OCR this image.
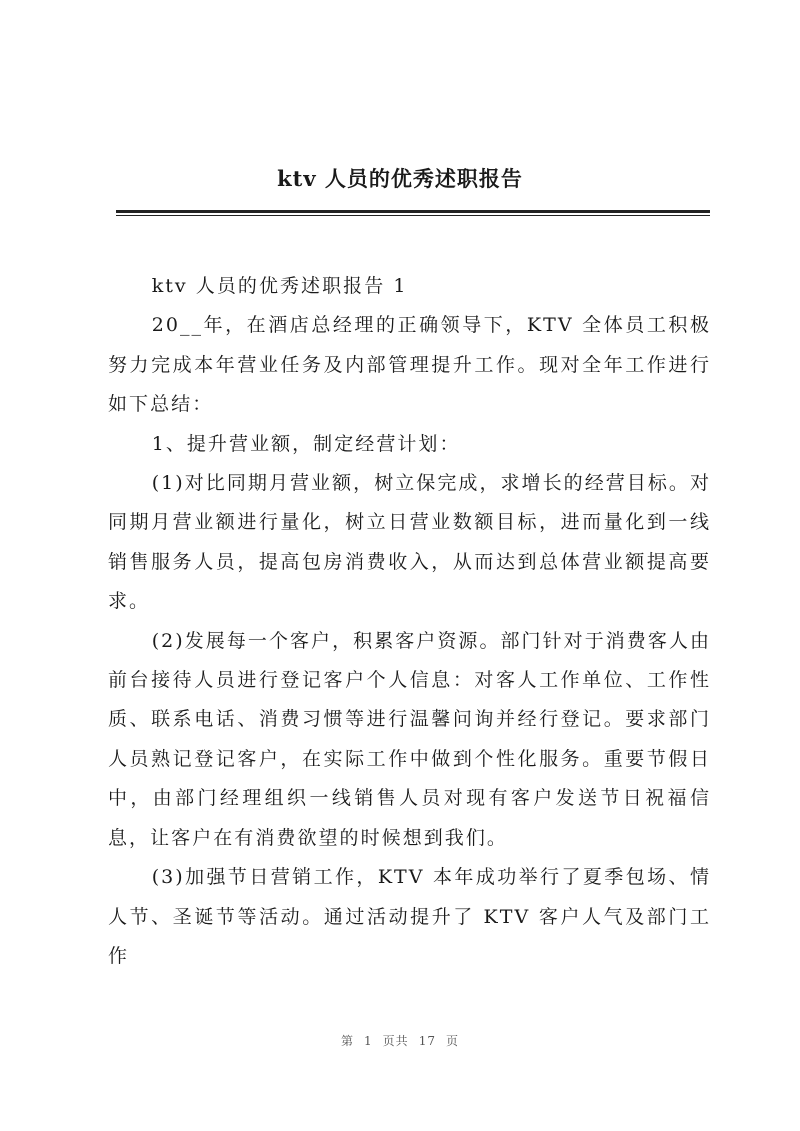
ktv 人员的优秀述职报告

ktv 人员的优秀述职报告 1

20__年，在酒店总经理的正确领导下，KTV 全体员工积极努力完成本年营业任务及内部管理提升工作。现对全年工作进行如下总结：

1、提升营业额，制定经营计划：

(1)对比同期月营业额，树立保完成，求增长的经营目标。对同期月营业额进行量化，树立日营业数额目标，进而量化到一线销售服务人员，提高包房消费收入，从而达到总体营业额提高要求。

(2)发展每一个客户，积累客户资源。部门针对于消费客人由前台接待人员进行登记客户个人信息：对客人工作单位、工作性质、联系电话、消费习惯等进行温馨问询并经行登记。要求部门人员熟记登记客户，在实际工作中做到个性化服务。重要节假日中，由部门经理组织一线销售人员对现有客户发送节日祝福信息，让客户在有消费欲望的时候想到我们。

(3)加强节日营销工作，KTV 本年成功举行了夏季包场、情人节、圣诞节等活动。通过活动提升了 KTV 客户人气及部门工作

第 1 页共 17 页
